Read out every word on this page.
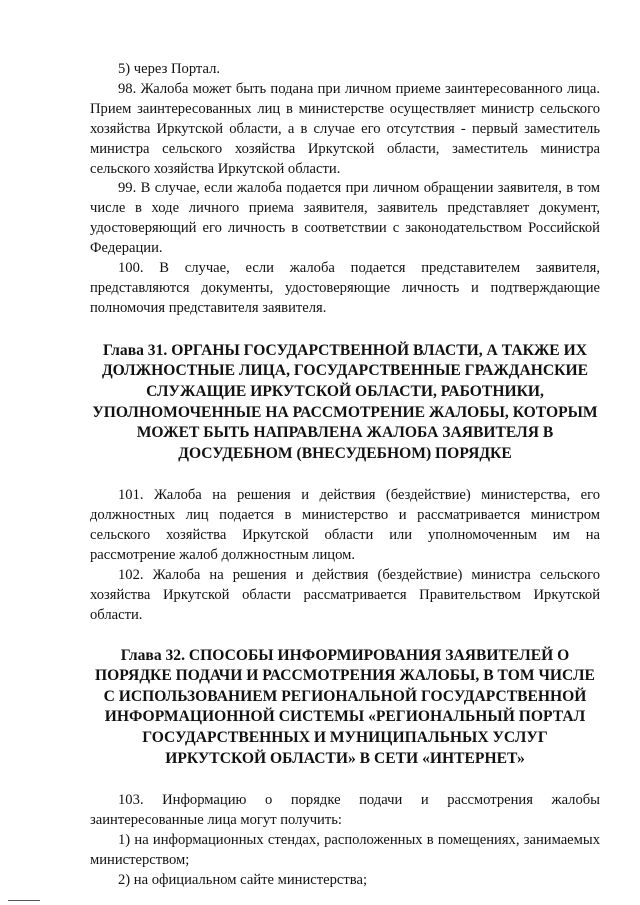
5) через Портал.

98. Жалоба может быть подана при личном приеме заинтересованного лица. Прием заинтересованных лиц в министерстве осуществляет министр сельского хозяйства Иркутской области, а в случае его отсутствия - первый заместитель министра сельского хозяйства Иркутской области, заместитель министра сельского хозяйства Иркутской области.

99. В случае, если жалоба подается при личном обращении заявителя, в том числе в ходе личного приема заявителя, заявитель представляет документ, удостоверяющий его личность в соответствии с законодательством Российской Федерации.

100. В случае, если жалоба подается представителем заявителя, представляются документы, удостоверяющие личность и подтверждающие полномочия представителя заявителя.

Глава 31. ОРГАНЫ ГОСУДАРСТВЕННОЙ ВЛАСТИ, А ТАКЖЕ ИХ ДОЛЖНОСТНЫЕ ЛИЦА, ГОСУДАРСТВЕННЫЕ ГРАЖДАНСКИЕ СЛУЖАЩИЕ ИРКУТСКОЙ ОБЛАСТИ, РАБОТНИКИ, УПОЛНОМОЧЕННЫЕ НА РАССМОТРЕНИЕ ЖАЛОБЫ, КОТОРЫМ МОЖЕТ БЫТЬ НАПРАВЛЕНА ЖАЛОБА ЗАЯВИТЕЛЯ В ДОСУДЕБНОМ (ВНЕСУДЕБНОМ) ПОРЯДКЕ

101. Жалоба на решения и действия (бездействие) министерства, его должностных лиц подается в министерство и рассматривается министром сельского хозяйства Иркутской области или уполномоченным им на рассмотрение жалоб должностным лицом.

102. Жалоба на решения и действия (бездействие) министра сельского хозяйства Иркутской области рассматривается Правительством Иркутской области.

Глава 32. СПОСОБЫ ИНФОРМИРОВАНИЯ ЗАЯВИТЕЛЕЙ О ПОРЯДКЕ ПОДАЧИ И РАССМОТРЕНИЯ ЖАЛОБЫ, В ТОМ ЧИСЛЕ С ИСПОЛЬЗОВАНИЕМ РЕГИОНАЛЬНОЙ ГОСУДАРСТВЕННОЙ ИНФОРМАЦИОННОЙ СИСТЕМЫ «РЕГИОНАЛЬНЫЙ ПОРТАЛ ГОСУДАРСТВЕННЫХ И МУНИЦИПАЛЬНЫХ УСЛУГ ИРКУТСКОЙ ОБЛАСТИ» В СЕТИ «ИНТЕРНЕТ»

103. Информацию о порядке подачи и рассмотрения жалобы заинтересованные лица могут получить:

1) на информационных стендах, расположенных в помещениях, занимаемых министерством;

2) на официальном сайте министерства;
